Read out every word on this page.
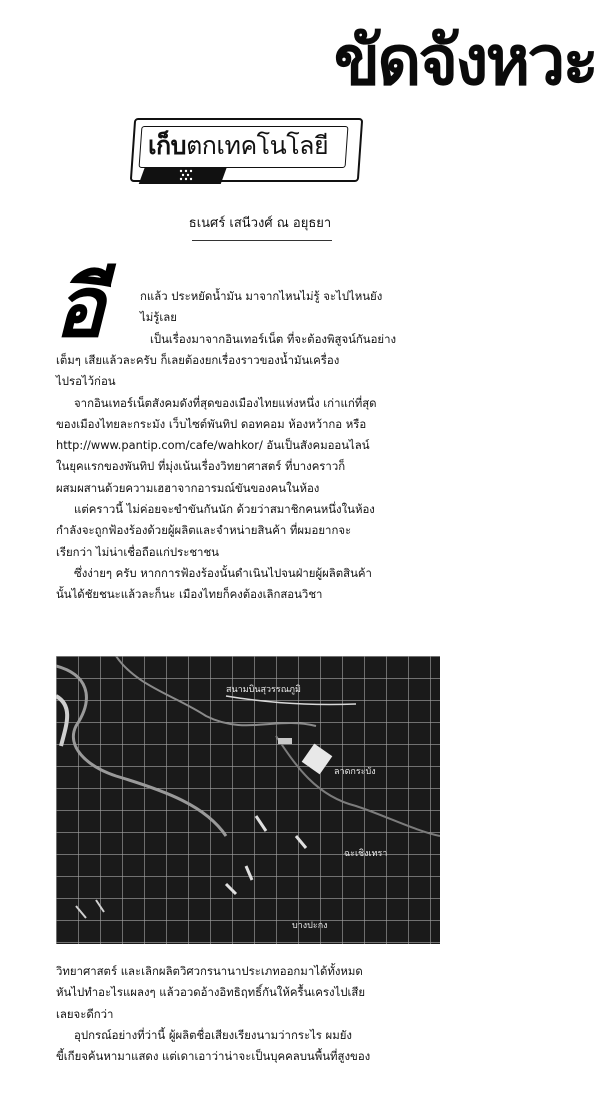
ขัดจังหวะ
เก็บตกเทคโนโลยี
ธเนศร์ เสนีวงศ์ ณ อยุธยา
อี	กแล้ว ประหยัดน้ำมัน มาจากไหนไม่รู้ จะไปไหนยัง
ไม่รู้เลย
เป็นเรื่องมาจากอินเทอร์เน็ต ที่จะต้องพิสูจน์กันอย่าง
เต็มๆ เสียแล้วละครับ ก็เลยต้องยกเรื่องราวของน้ำมันเครื่อง
ไปรอไว้ก่อน
จากอินเทอร์เน็ตสังคมดังที่สุดของเมืองไทยแห่งหนึ่ง เก่าแก่ที่สุด
ของเมืองไทยละกระมัง เว็บไซต์พันทิป ดอทคอม ห้องหว้ากอ หรือ
http://www.pantip.com/cafe/wahkor/ อันเป็นสังคมออนไลน์
ในยุคแรกของพันทิป ที่มุ่งเน้นเรื่องวิทยาศาสตร์ ที่บางคราวก็
ผสมผสานด้วยความเฮฮาจากอารมณ์ขันของคนในห้อง
แต่คราวนี้ ไม่ค่อยจะขำขันกันนัก ด้วยว่าสมาชิกคนหนึ่งในห้อง
กำลังจะถูกฟ้องร้องด้วยผู้ผลิตและจำหน่ายสินค้า ที่ผมอยากจะ
เรียกว่า ไม่น่าเชื่อถือแก่ประชาชน
ซึ่งง่ายๆ ครับ หากการฟ้องร้องนั้นดำเนินไปจนฝ่ายผู้ผลิตสินค้า
นั้นได้ชัยชนะแล้วละก็นะ เมืองไทยก็คงต้องเลิกสอนวิชา
สนามบินสุวรรณภูมิ
ลาดกระบัง
ฉะเชิงเทรา
บางปะกง
วิทยาศาสตร์ และเลิกผลิตวิศวกรนานาประเภทออกมาได้ทั้งหมด
หันไปทำอะไรแผลงๆ แล้วอวดอ้างอิทธิฤทธิ์กันให้ครื้นเครงไปเสีย
เลยจะดีกว่า
อุปกรณ์อย่างที่ว่านี้ ผู้ผลิตชื่อเสียงเรียงนามว่ากระไร ผมยัง
ขี้เกียจค้นหามาแสดง แต่เดาเอาว่าน่าจะเป็นบุคคลบนพื้นที่สูงของ
